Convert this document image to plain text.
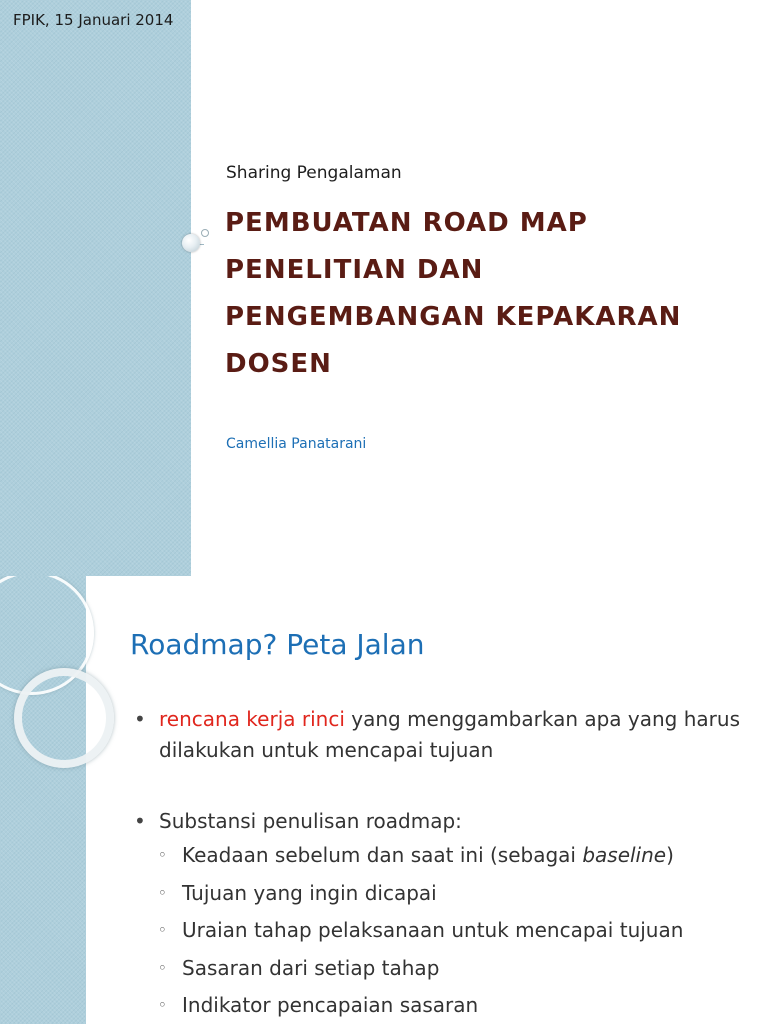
FPIK, 15 Januari 2014
Sharing Pengalaman
PEMBUATAN ROAD MAP
PENELITIAN DAN
PENGEMBANGAN KEPAKARAN
DOSEN
Camellia Panatarani
Roadmap? Peta Jalan
• rencana kerja rinci yang menggambarkan apa yang harus dilakukan untuk mencapai tujuan
• Substansi penulisan roadmap:
◦ Keadaan sebelum dan saat ini (sebagai baseline)
◦ Tujuan yang ingin dicapai
◦ Uraian tahap pelaksanaan untuk mencapai tujuan
◦ Sasaran dari setiap tahap
◦ Indikator pencapaian sasaran
